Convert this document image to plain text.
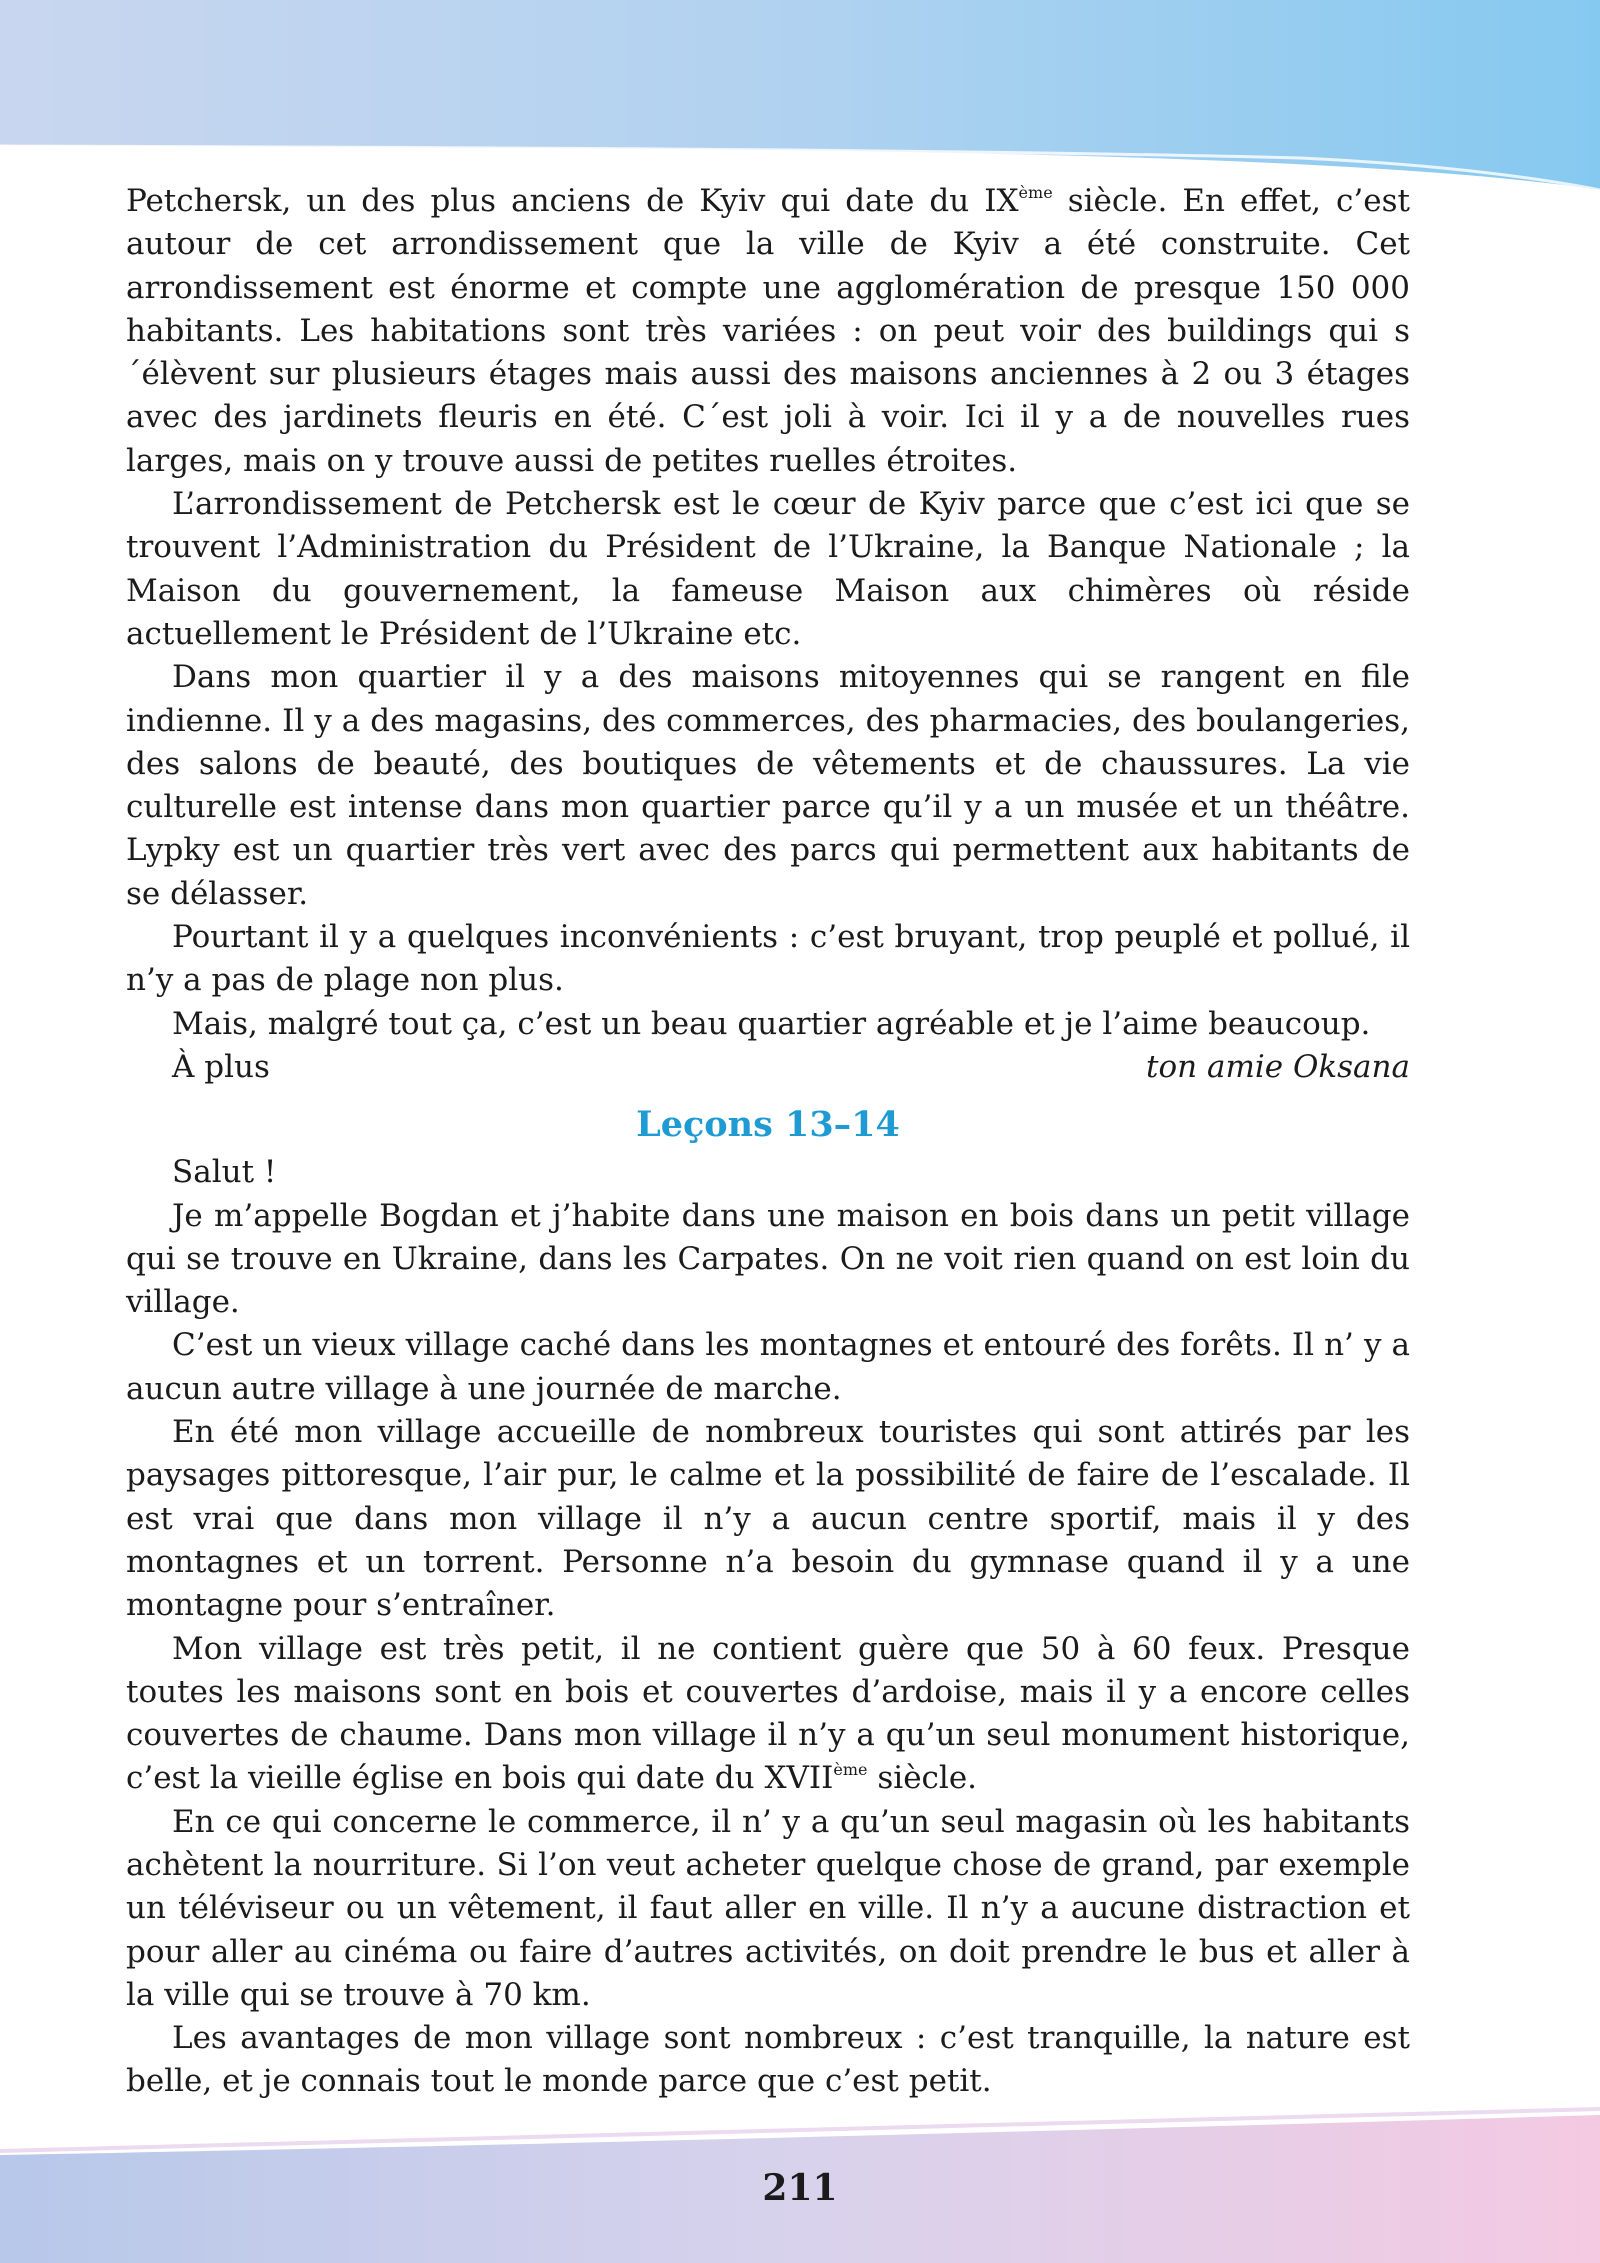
Petchersk, un des plus anciens de Kyiv qui date du IXème siècle. En effet, c’est autour de cet arrondissement que la ville de Kyiv a été construite. Cet arrondissement est énorme et compte une agglomération de presque 150 000 habitants. Les habitations sont très variées : on peut voir des buildings qui s´élèvent sur plusieurs étages mais aussi des maisons anciennes à 2 ou 3 étages avec des jardinets fleuris en été. C´est joli à voir. Ici il y a de nouvelles rues larges, mais on y trouve aussi de petites ruelles étroites.

L’arrondissement de Petchersk est le cœur de Kyiv parce que c’est ici que se trouvent l’Administration du Président de l’Ukraine, la Banque Nationale ; la Maison du gouvernement, la fameuse Maison aux chimères où réside actuellement le Président de l’Ukraine etc.

Dans mon quartier il y a des maisons mitoyennes qui se rangent en file indienne. Il y a des magasins, des commerces, des pharmacies, des boulangeries, des salons de beauté, des boutiques de vêtements et de chaussures. La vie culturelle est intense dans mon quartier parce qu’il y a un musée et un théâtre. Lypky est un quartier très vert avec des parcs qui permettent aux habitants de se délasser.

Pourtant il y a quelques inconvénients : c’est bruyant, trop peuplé et pollué, il n’y a pas de plage non plus.

Mais, malgré tout ça, c’est un beau quartier agréable et je l’aime beaucoup.

À plus	ton amie Oksana
Leçons 13–14

Salut !

Je m’appelle Bogdan et j’habite dans une maison en bois dans un petit village qui se trouve en Ukraine, dans les Carpates. On ne voit rien quand on est loin du village.

C’est un vieux village caché dans les montagnes et entouré des forêts. Il n’ y a aucun autre village à une journée de marche.

En été mon village accueille de nombreux touristes qui sont attirés par les paysages pittoresque, l’air pur, le calme et la possibilité de faire de l’escalade. Il est vrai que dans mon village il n’y a aucun centre sportif, mais il y des montagnes et un torrent. Personne n’a besoin du gymnase quand il y a une montagne pour s’entraîner.

Mon village est très petit, il ne contient guère que 50 à 60 feux. Presque toutes les maisons sont en bois et couvertes d’ardoise, mais il y a encore celles couvertes de chaume. Dans mon village il n’y a qu’un seul monument historique, c’est la vieille église en bois qui date du XVIIème siècle.

En ce qui concerne le commerce, il n’ y a qu’un seul magasin où les habitants achètent la nourriture. Si l’on veut acheter quelque chose de grand, par exemple un téléviseur ou un vêtement, il faut aller en ville. Il n’y a aucune distraction et pour aller au cinéma ou faire d’autres activités, on doit prendre le bus et aller à la ville qui se trouve à 70 km.

Les avantages de mon village sont nombreux : c’est tranquille, la nature est belle, et je connais tout le monde parce que c’est petit.

211
